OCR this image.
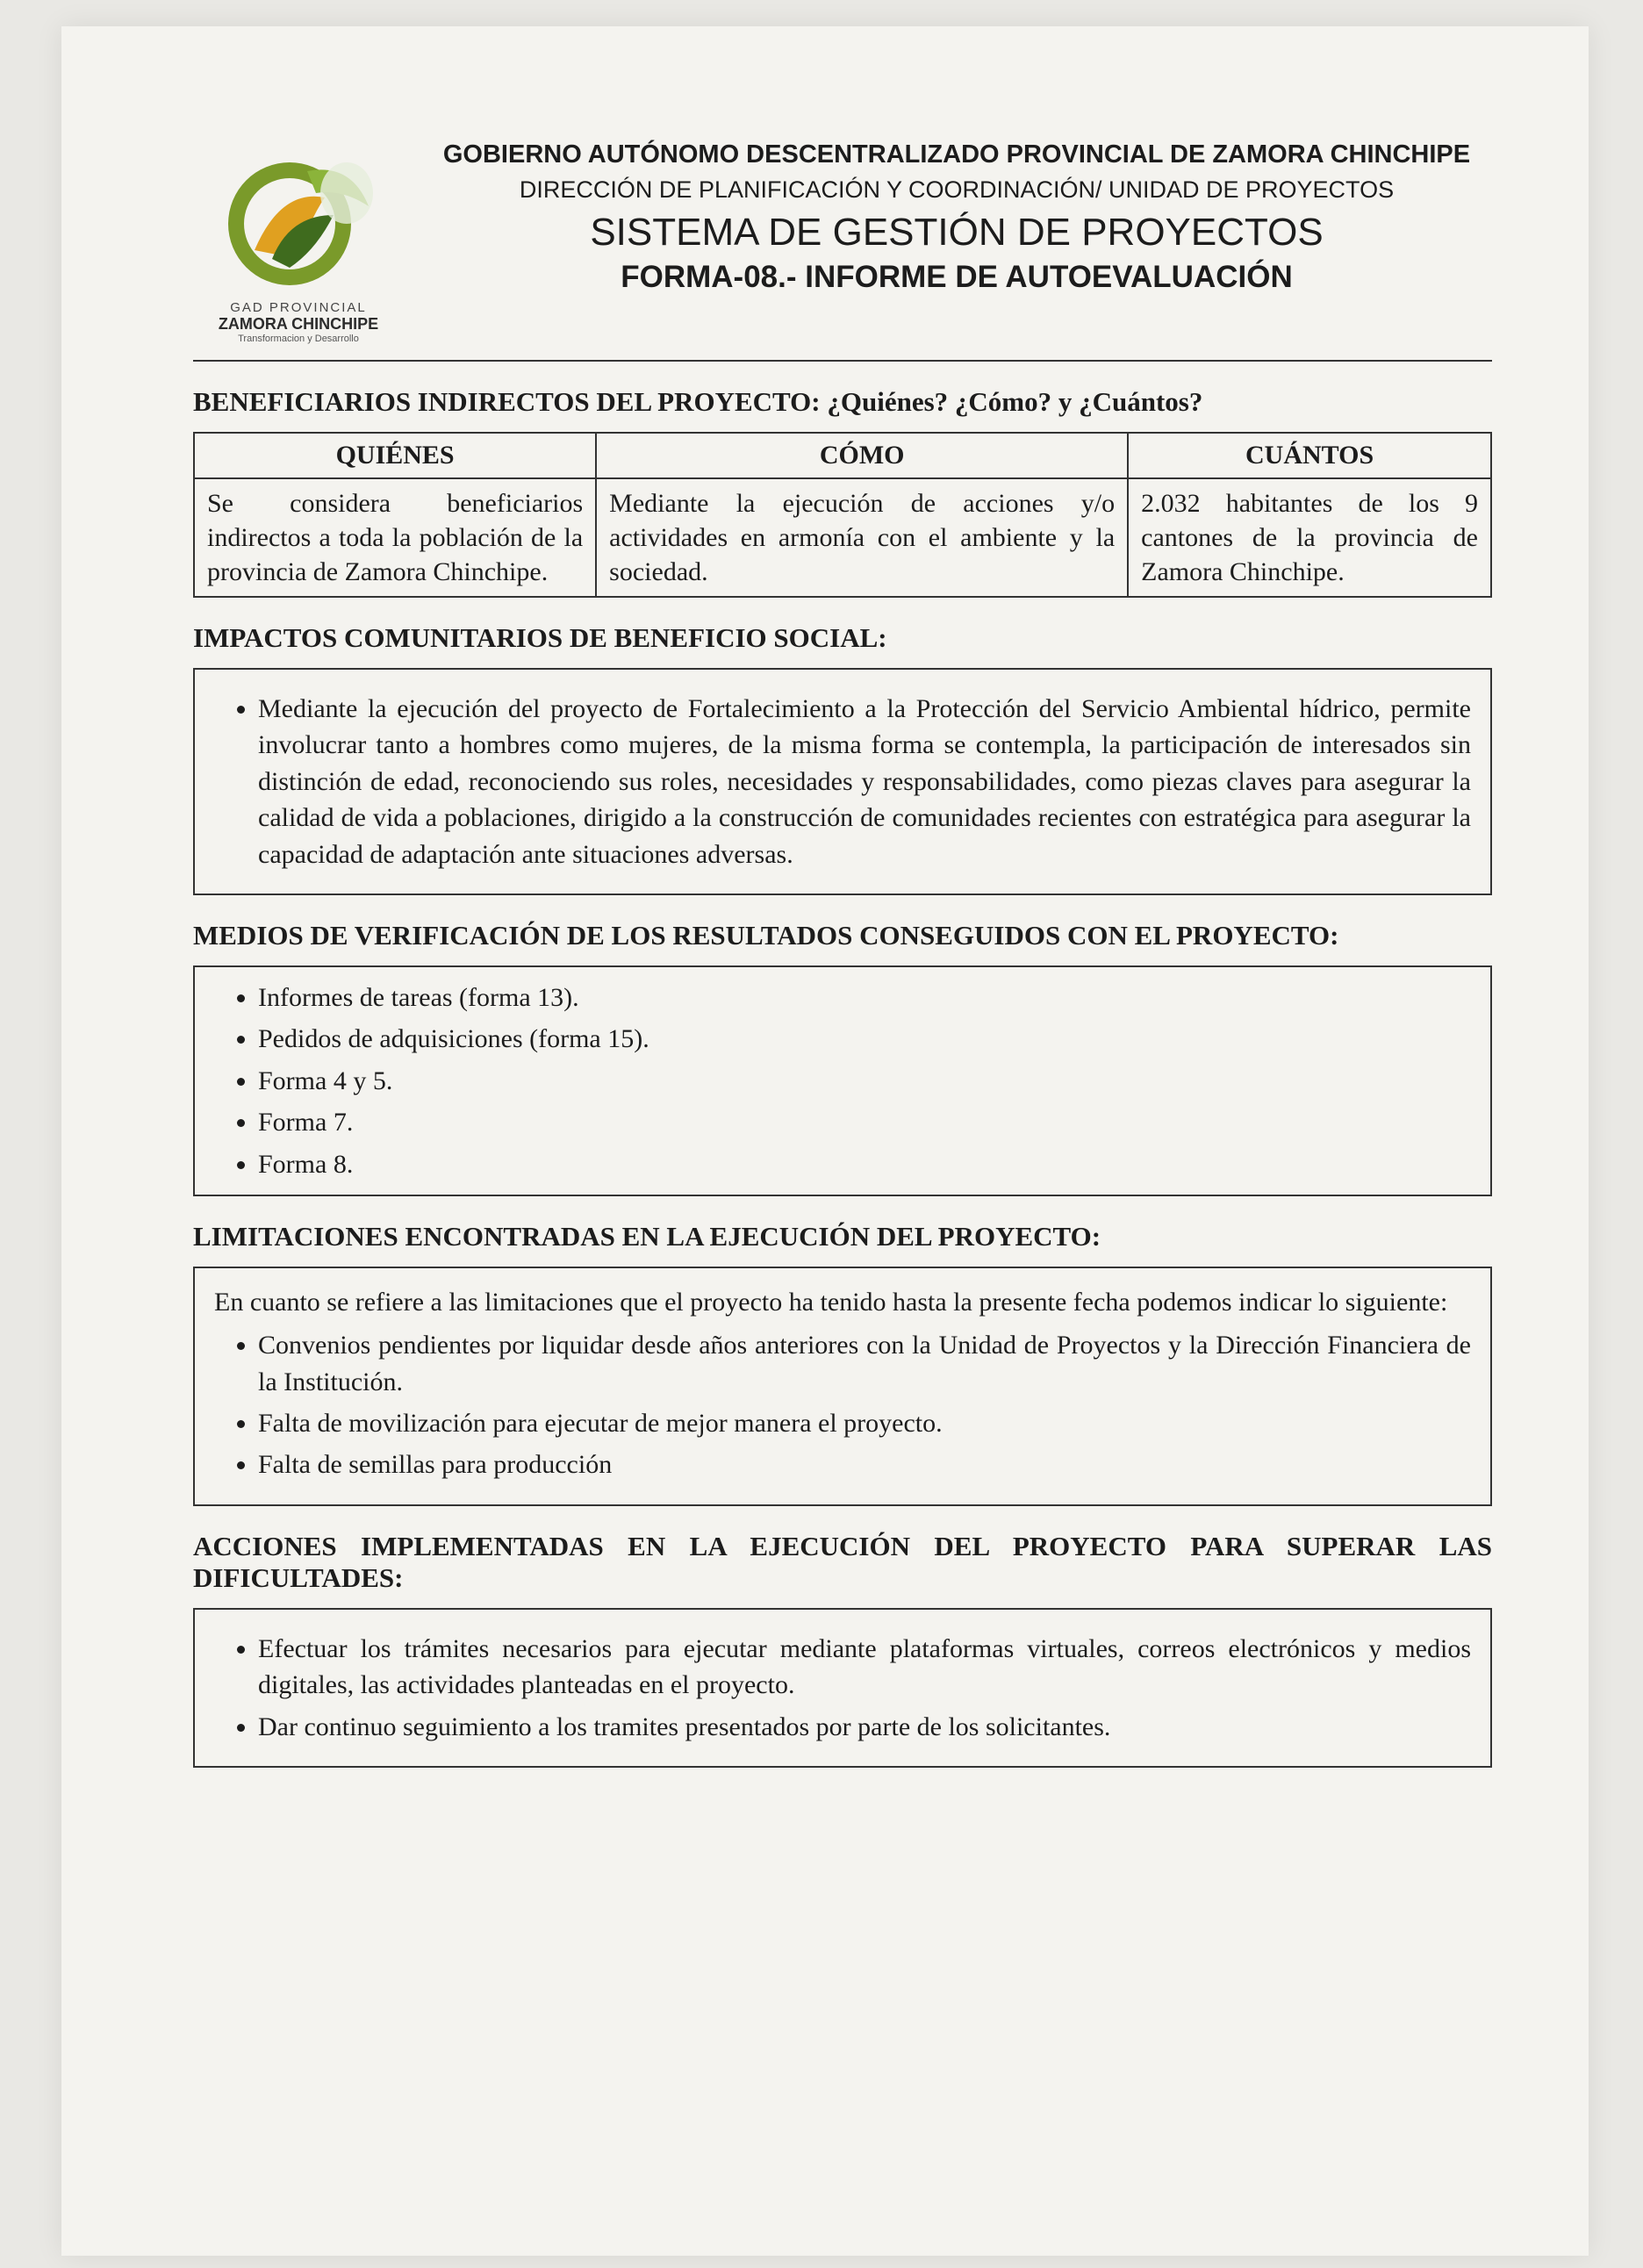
GAD PROVINCIAL
ZAMORA CHINCHIPE
Transformacion y Desarrollo
GOBIERNO AUTÓNOMO DESCENTRALIZADO PROVINCIAL DE ZAMORA CHINCHIPE
DIRECCIÓN DE PLANIFICACIÓN Y COORDINACIÓN/ UNIDAD DE PROYECTOS
SISTEMA DE GESTIÓN DE PROYECTOS
FORMA-08.- INFORME DE AUTOEVALUACIÓN
BENEFICIARIOS INDIRECTOS DEL PROYECTO: ¿Quiénes? ¿Cómo? y ¿Cuántos?
QUIÉNES	CÓMO	CUÁNTOS
Se considera beneficiarios indirectos a toda la población de la provincia de Zamora Chinchipe.	Mediante la ejecución de acciones y/o actividades en armonía con el ambiente y la sociedad.	2.032 habitantes de los 9 cantones de la provincia de Zamora Chinchipe.
IMPACTOS COMUNITARIOS DE BENEFICIO SOCIAL:
• Mediante la ejecución del proyecto de Fortalecimiento a la Protección del Servicio Ambiental hídrico, permite involucrar tanto a hombres como mujeres, de la misma forma se contempla, la participación de interesados sin distinción de edad, reconociendo sus roles, necesidades y responsabilidades, como piezas claves para asegurar la calidad de vida a poblaciones, dirigido a la construcción de comunidades recientes con estratégica para asegurar la capacidad de adaptación ante situaciones adversas.
MEDIOS DE VERIFICACIÓN DE LOS RESULTADOS CONSEGUIDOS CON EL PROYECTO:
• Informes de tareas (forma 13).
• Pedidos de adquisiciones (forma 15).
• Forma 4 y 5.
• Forma 7.
• Forma 8.
LIMITACIONES ENCONTRADAS EN LA EJECUCIÓN DEL PROYECTO:

En cuanto se refiere a las limitaciones que el proyecto ha tenido hasta la presente fecha podemos indicar lo siguiente:

• Convenios pendientes por liquidar desde años anteriores con la Unidad de Proyectos y la Dirección Financiera de la Institución.
• Falta de movilización para ejecutar de mejor manera el proyecto.
• Falta de semillas para producción
ACCIONES IMPLEMENTADAS EN LA EJECUCIÓN DEL PROYECTO PARA SUPERAR LAS DIFICULTADES:
• Efectuar los trámites necesarios para ejecutar mediante plataformas virtuales, correos electrónicos y medios digitales, las actividades planteadas en el proyecto.
• Dar continuo seguimiento a los tramites presentados por parte de los solicitantes.
